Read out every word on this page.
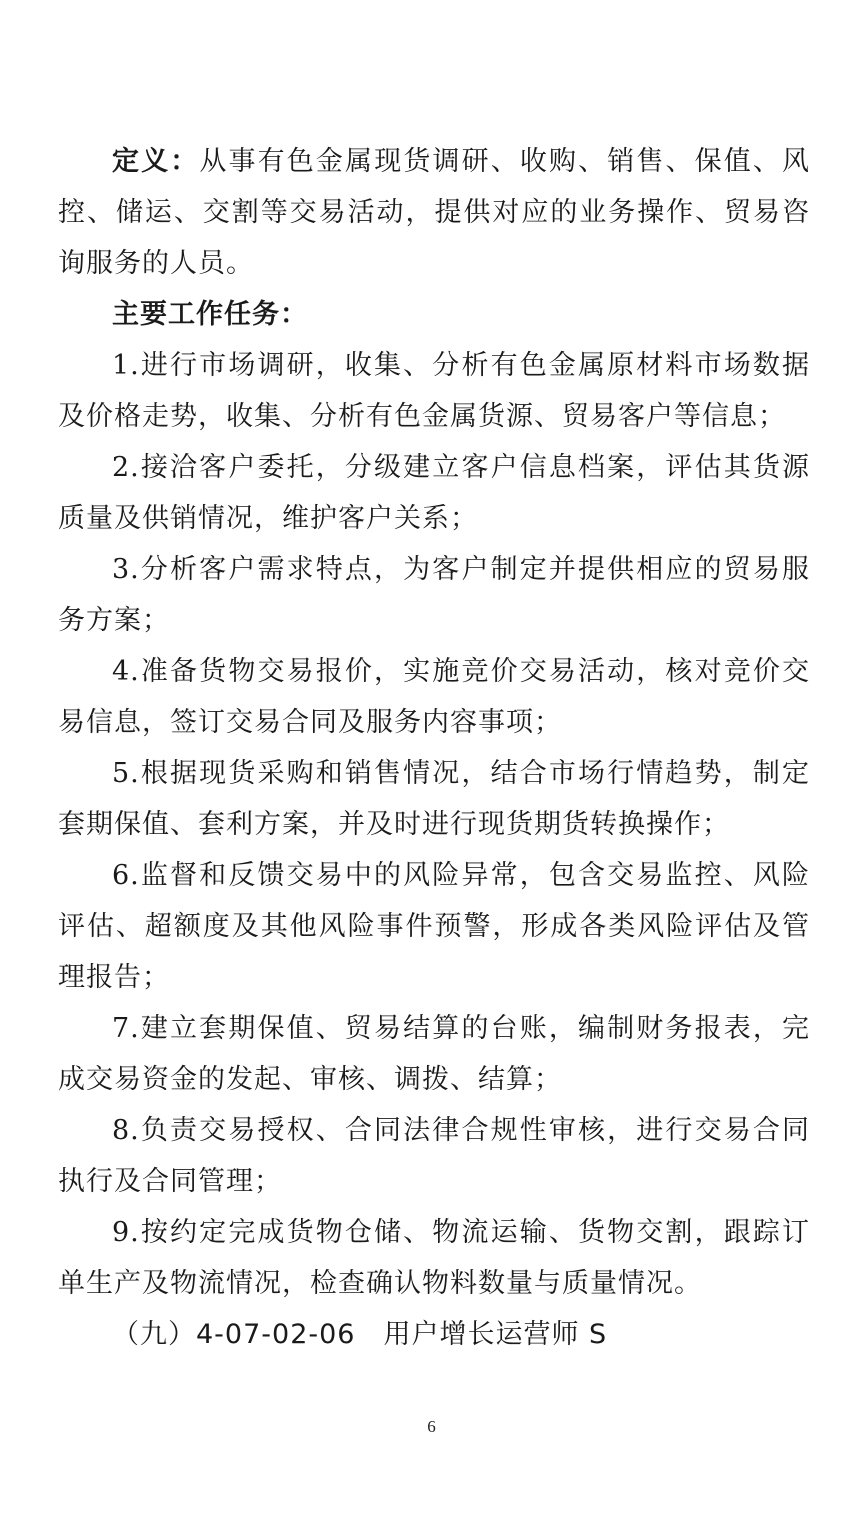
定义：从事有色金属现货调研、收购、销售、保值、风控、储运、交割等交易活动，提供对应的业务操作、贸易咨询服务的人员。

主要工作任务：

1.进行市场调研，收集、分析有色金属原材料市场数据及价格走势，收集、分析有色金属货源、贸易客户等信息；

2.接洽客户委托，分级建立客户信息档案，评估其货源质量及供销情况，维护客户关系；

3.分析客户需求特点，为客户制定并提供相应的贸易服务方案；

4.准备货物交易报价，实施竞价交易活动，核对竞价交易信息，签订交易合同及服务内容事项；

5.根据现货采购和销售情况，结合市场行情趋势，制定套期保值、套利方案，并及时进行现货期货转换操作；

6.监督和反馈交易中的风险异常，包含交易监控、风险评估、超额度及其他风险事件预警，形成各类风险评估及管理报告；

7.建立套期保值、贸易结算的台账，编制财务报表，完成交易资金的发起、审核、调拨、结算；

8.负责交易授权、合同法律合规性审核，进行交易合同执行及合同管理；

9.按约定完成货物仓储、物流运输、货物交割，跟踪订单生产及物流情况，检查确认物料数量与质量情况。

（九）4-07-02-06　用户增长运营师 S

6
